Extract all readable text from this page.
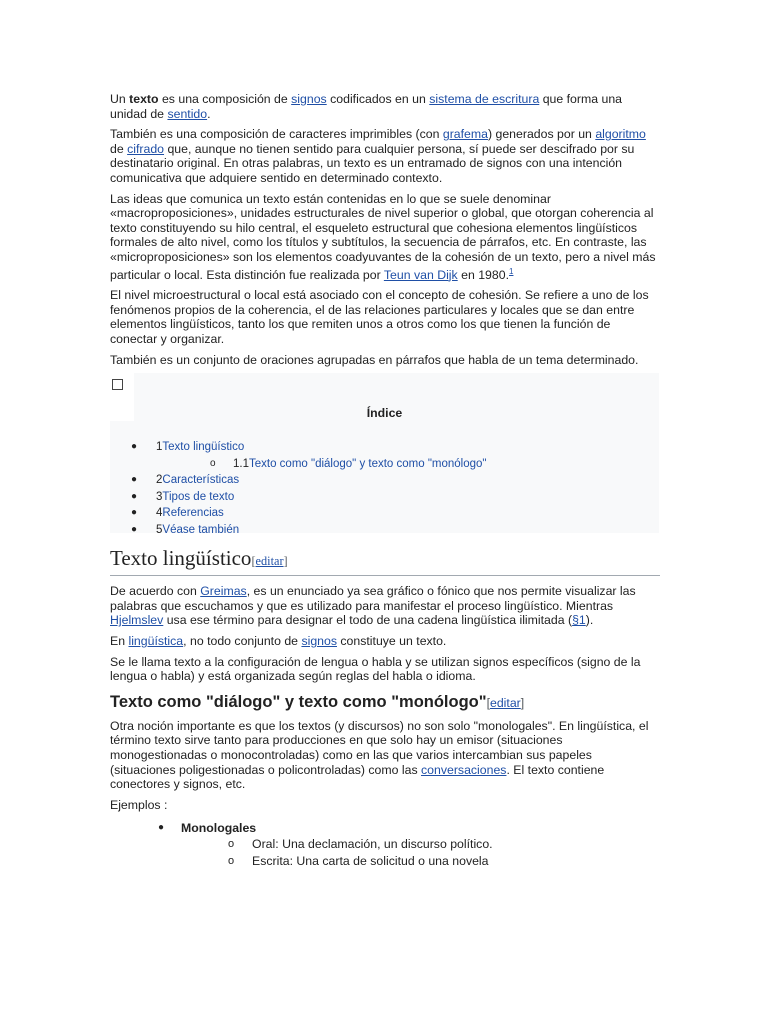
Un texto es una composición de signos codificados en un sistema de escritura que forma una unidad de sentido.

También es una composición de caracteres imprimibles (con grafema) generados por un algoritmo de cifrado que, aunque no tienen sentido para cualquier persona, sí puede ser descifrado por su destinatario original. En otras palabras, un texto es un entramado de signos con una intención comunicativa que adquiere sentido en determinado contexto.

Las ideas que comunica un texto están contenidas en lo que se suele denominar «macroproposiciones», unidades estructurales de nivel superior o global, que otorgan coherencia al texto constituyendo su hilo central, el esqueleto estructural que cohesiona elementos lingüísticos formales de alto nivel, como los títulos y subtítulos, la secuencia de párrafos, etc. En contraste, las «microproposiciones» son los elementos coadyuvantes de la cohesión de un texto, pero a nivel más particular o local. Esta distinción fue realizada por Teun van Dijk en 1980.$^1$

El nivel microestructural o local está asociado con el concepto de cohesión. Se refiere a uno de los fenómenos propios de la coherencia, el de las relaciones particulares y locales que se dan entre elementos lingüísticos, tanto los que remiten unos a otros como los que tienen la función de conectar y organizar.

También es un conjunto de oraciones agrupadas en párrafos que habla de un tema determinado.

Índice
● 1Texto lingüístico
o 1.1Texto como "diálogo" y texto como "monólogo"
● 2Características
● 3Tipos de texto
● 4Referencias
● 5Véase también
Texto lingüístico[editar]

De acuerdo con Greimas, es un enunciado ya sea gráfico o fónico que nos permite visualizar las palabras que escuchamos y que es utilizado para manifestar el proceso lingüístico. Mientras Hjelmslev usa ese término para designar el todo de una cadena lingüística ilimitada (§1).

En lingüística, no todo conjunto de signos constituye un texto.

Se le llama texto a la configuración de lengua o habla y se utilizan signos específicos (signo de la lengua o habla) y está organizada según reglas del habla o idioma.

Texto como "diálogo" y texto como "monólogo"[editar]

Otra noción importante es que los textos (y discursos) no son solo "monologales". En lingüística, el término texto sirve tanto para producciones en que solo hay un emisor (situaciones monogestionadas o monocontroladas) como en las que varios intercambian sus papeles (situaciones poligestionadas o policontroladas) como las conversaciones. El texto contiene conectores y signos, etc.

Ejemplos :

● Monologales
o Oral: Una declamación, un discurso político.
o Escrita: Una carta de solicitud o una novela
